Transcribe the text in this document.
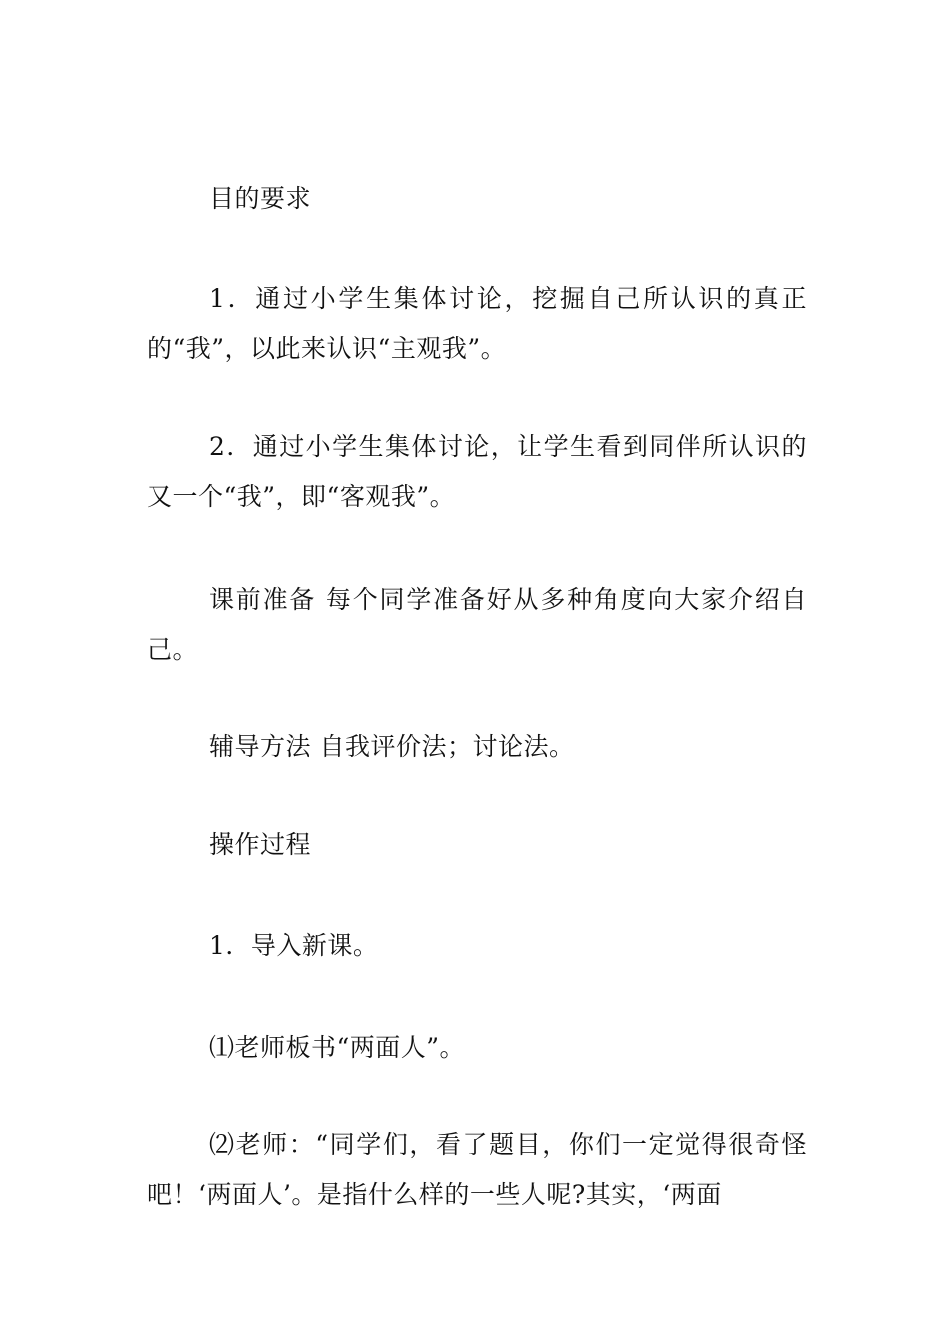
目的要求
1．通过小学生集体讨论，挖掘自己所认识的真正的“我”，以此来认识“主观我”。
2．通过小学生集体讨论，让学生看到同伴所认识的又一个“我”，即“客观我”。
课前准备 每个同学准备好从多种角度向大家介绍自己。
辅导方法 自我评价法；讨论法。
操作过程
1．导入新课。
⑴老师板书“两面人”。
⑵老师：“同学们，看了题目，你们一定觉得很奇怪吧！‘两面人’。是指什么样的一些人呢?其实，‘两面
